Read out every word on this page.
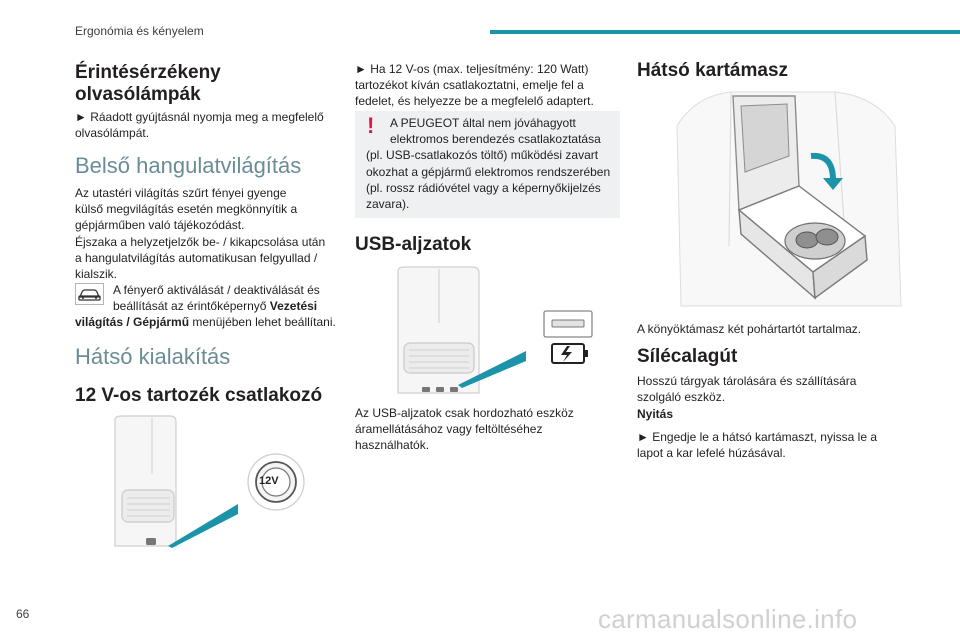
Ergonómia és kényelem
Érintésérzékeny
olvasólámpák
► Ráadott gyújtásnál nyomja meg a megfelelő
olvasólámpát.
Belső hangulatvilágítás
Az utastéri világítás szűrt fényei gyenge
külső megvilágítás esetén megkönnyítik a
gépjárműben való tájékozódást.
Éjszaka a helyzetjelzők be- / kikapcsolása után
a hangulatvilágítás automatikusan felgyullad /
kialszik.
A fényerő aktiválását / deaktiválását és
beállítását az érintőképernyő Vezetési
világítás / Gépjármű menüjében lehet beállítani.
Hátsó kialakítás
12 V-os tartozék csatlakozó
12V
► Ha 12 V-os (max. teljesítmény: 120 Watt)
tartozékot kíván csatlakoztatni, emelje fel a
fedelet, és helyezze be a megfelelő adaptert.
! A PEUGEOT által nem jóváhagyott
elektromos berendezés csatlakoztatása
(pl. USB-csatlakozós töltő) működési zavart
okozhat a gépjármű elektromos rendszerében
(pl. rossz rádióvétel vagy a képernyőkijelzés
zavara).
USB-aljzatok
Az USB-aljzatok csak hordozható eszköz
áramellátásához vagy feltöltéséhez
használhatók.
Hátsó kartámasz
A könyöktámasz két pohártartót tartalmaz.
Sílécalagút
Hosszú tárgyak tárolására és szállítására
szolgáló eszköz.
Nyitás
► Engedje le a hátsó kartámaszt, nyissa le a
lapot a kar lefelé húzásával.
66	carmanualsonline.info
